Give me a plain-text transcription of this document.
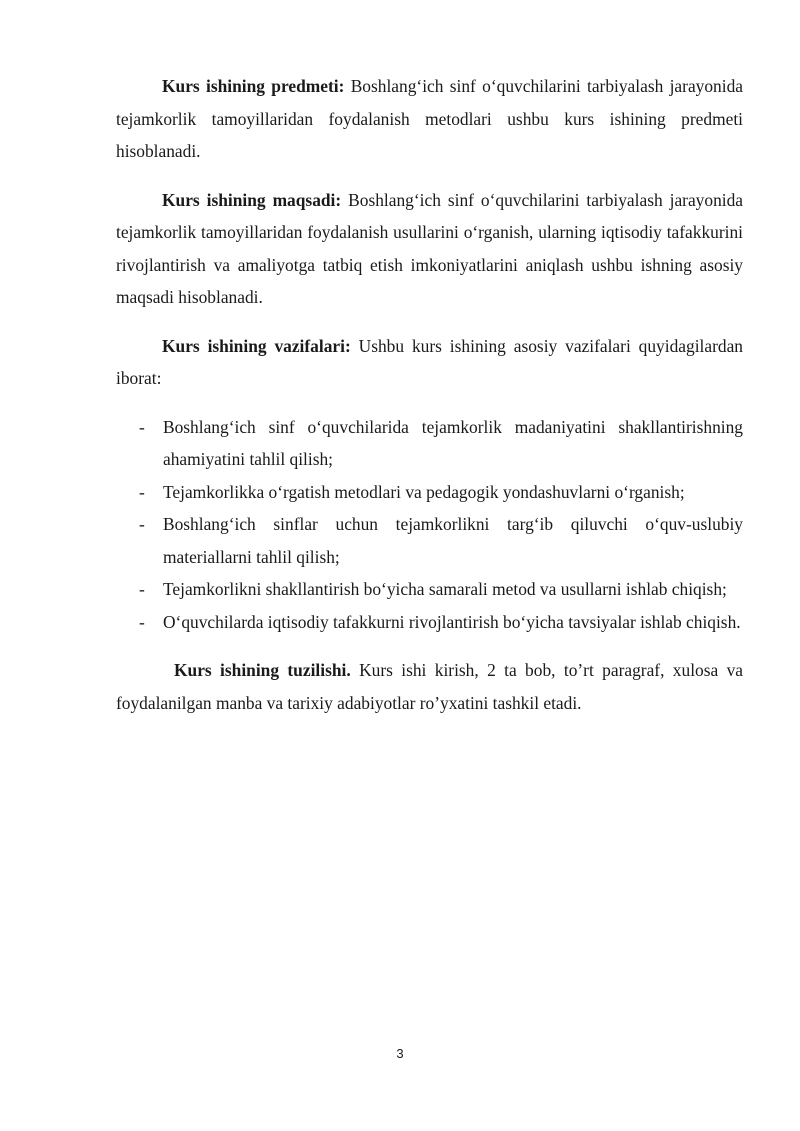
Kurs ishining predmeti: Boshlang‘ich sinf o‘quvchilarini tarbiyalash jarayonida tejamkorlik tamoyillaridan foydalanish metodlari ushbu kurs ishining predmeti hisoblanadi.

Kurs ishining maqsadi: Boshlang‘ich sinf o‘quvchilarini tarbiyalash jarayonida tejamkorlik tamoyillaridan foydalanish usullarini o‘rganish, ularning iqtisodiy tafakkurini rivojlantirish va amaliyotga tatbiq etish imkoniyatlarini aniqlash ushbu ishning asosiy maqsadi hisoblanadi.

Kurs ishining vazifalari: Ushbu kurs ishining asosiy vazifalari quyidagilardan iborat:

- Boshlang‘ich sinf o‘quvchilarida tejamkorlik madaniyatini shakllantirishning ahamiyatini tahlil qilish;
- Tejamkorlikka o‘rgatish metodlari va pedagogik yondashuvlarni o‘rganish;
- Boshlang‘ich sinflar uchun tejamkorlikni targ‘ib qiluvchi o‘quv-uslubiy materiallarni tahlil qilish;
- Tejamkorlikni shakllantirish bo‘yicha samarali metod va usullarni ishlab chiqish;
- O‘quvchilarda iqtisodiy tafakkurni rivojlantirish bo‘yicha tavsiyalar ishlab chiqish.

Kurs ishining tuzilishi. Kurs ishi kirish, 2 ta bob, to’rt paragraf, xulosa va foydalanilgan manba va tarixiy adabiyotlar ro’yxatini tashkil etadi.

3
